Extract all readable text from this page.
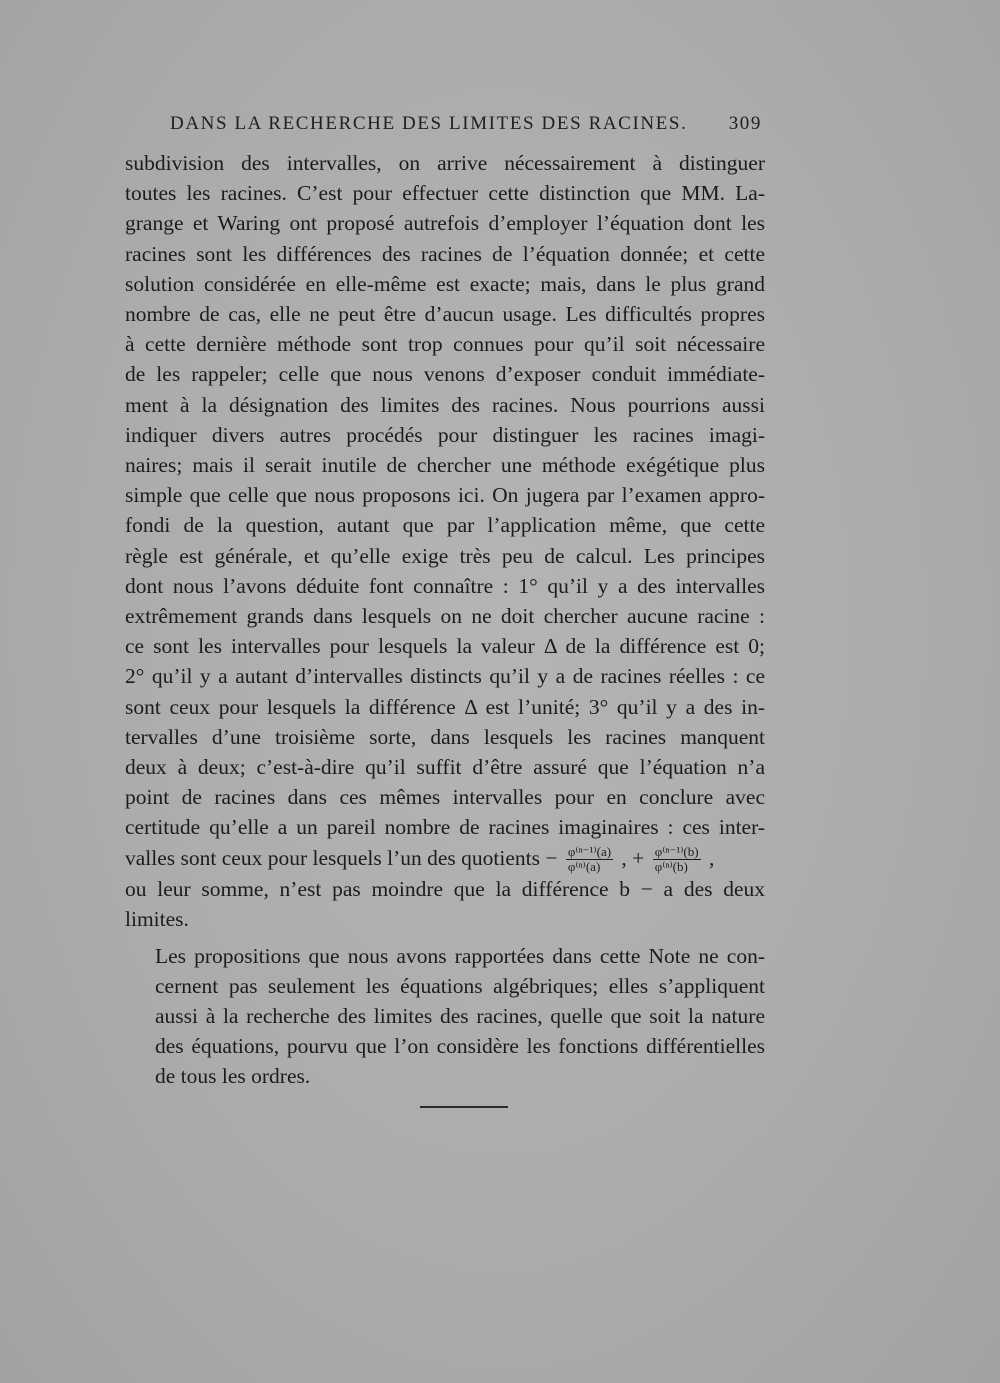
DANS LA RECHERCHE DES LIMITES DES RACINES. 309

subdivision des intervalles, on arrive nécessairement à distinguer
toutes les racines. C’est pour effectuer cette distinction que MM. La-
grange et Waring ont proposé autrefois d’employer l’équation dont les
racines sont les différences des racines de l’équation donnée; et cette
solution considérée en elle-même est exacte; mais, dans le plus grand
nombre de cas, elle ne peut être d’aucun usage. Les difficultés propres
à cette dernière méthode sont trop connues pour qu’il soit nécessaire
de les rappeler; celle que nous venons d’exposer conduit immédiate-
ment à la désignation des limites des racines. Nous pourrions aussi
indiquer divers autres procédés pour distinguer les racines imagi-
naires; mais il serait inutile de chercher une méthode exégétique plus
simple que celle que nous proposons ici. On jugera par l’examen appro-
fondi de la question, autant que par l’application même, que cette
règle est générale, et qu’elle exige très peu de calcul. Les principes
dont nous l’avons déduite font connaître : 1° qu’il y a des intervalles
extrêmement grands dans lesquels on ne doit chercher aucune racine :
ce sont les intervalles pour lesquels la valeur Δ de la différence est 0;
2° qu’il y a autant d’intervalles distincts qu’il y a de racines réelles : ce
sont ceux pour lesquels la différence Δ est l’unité; 3° qu’il y a des in-
tervalles d’une troisième sorte, dans lesquels les racines manquent
deux à deux; c’est-à-dire qu’il suffit d’être assuré que l’équation n’a
point de racines dans ces mêmes intervalles pour en conclure avec
certitude qu’elle a un pareil nombre de racines imaginaires : ces inter-
valles sont ceux pour lesquels l’un des quotients − $\frac{\text{φ⁽ⁿ⁻¹⁾(a)}}{\text{φ⁽ⁿ⁾(a)}}$ , + $\frac{\text{φ⁽ⁿ⁻¹⁾(b)}}{\text{φ⁽ⁿ⁾(b)}}$ ,
ou leur somme, n’est pas moindre que la différence b − a des deux
limites.

Les propositions que nous avons rapportées dans cette Note ne con-
cernent pas seulement les équations algébriques; elles s’appliquent
aussi à la recherche des limites des racines, quelle que soit la nature
des équations, pourvu que l’on considère les fonctions différentielles
de tous les ordres.
